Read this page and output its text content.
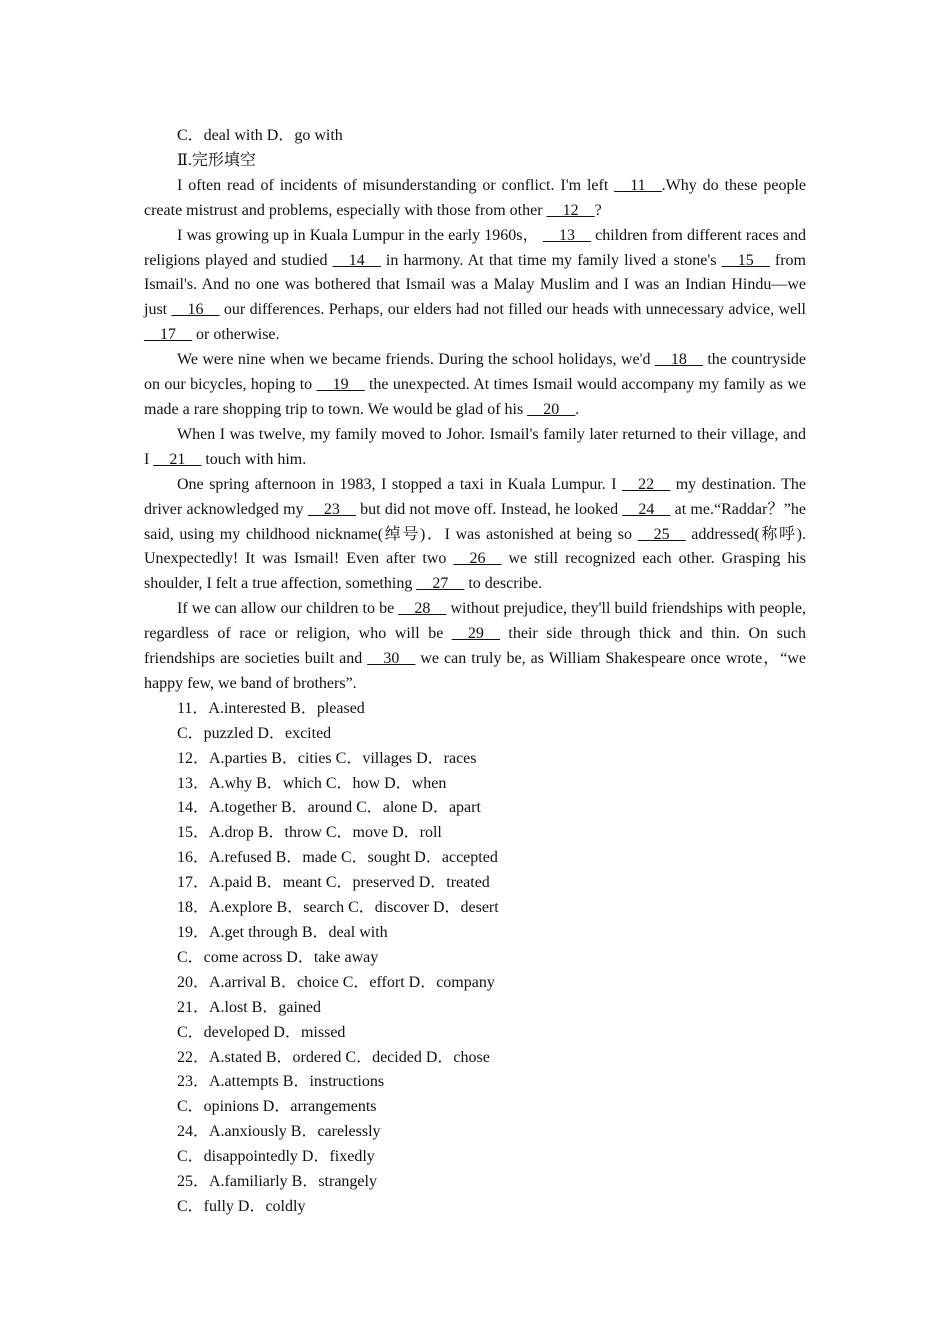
C．deal with D．go with
Ⅱ.完形填空

I often read of incidents of misunderstanding or conflict. I'm left __11__.Why do these people create mistrust and problems, especially with those from other __12__?

I was growing up in Kuala Lumpur in the early 1960s， __13__ children from different races and religions played and studied __14__ in harmony. At that time my family lived a stone's __15__ from Ismail's. And no one was bothered that Ismail was a Malay Muslim and I was an Indian Hindu—we just __16__ our differences. Perhaps, our elders had not filled our heads with unnecessary advice, well __17__ or otherwise.

We were nine when we became friends. During the school holidays, we'd __18__ the countryside on our bicycles, hoping to __19__ the unexpected. At times Ismail would accompany my family as we made a rare shopping trip to town. We would be glad of his __20__.

When I was twelve, my family moved to Johor. Ismail's family later returned to their village, and I __21__ touch with him.

One spring afternoon in 1983, I stopped a taxi in Kuala Lumpur. I __22__ my destination. The driver acknowledged my __23__ but did not move off. Instead, he looked __24__ at me.“Raddar？”he said, using my childhood nickname(绰号)．I was astonished at being so __25__ addressed(称呼). Unexpectedly! It was Ismail! Even after two __26__ we still recognized each other. Grasping his shoulder, I felt a true affection, something __27__ to describe.

If we can allow our children to be __28__ without prejudice, they'll build friendships with people, regardless of race or religion, who will be __29__ their side through thick and thin. On such friendships are societies built and __30__ we can truly be, as William Shakespeare once wrote，“we happy few, we band of brothers”.

11．A.interested B．pleased
C．puzzled D．excited
12．A.parties B．cities C．villages D．races
13．A.why B．which C．how D．when
14．A.together B．around C．alone D．apart
15．A.drop B．throw C．move D．roll
16．A.refused B．made C．sought D．accepted
17．A.paid B．meant C．preserved D．treated
18．A.explore B．search C．discover D．desert
19．A.get through B．deal with
C．come across D．take away
20．A.arrival B．choice C．effort D．company
21．A.lost B．gained
C．developed D．missed
22．A.stated B．ordered C．decided D．chose
23．A.attempts B．instructions
C．opinions D．arrangements
24．A.anxiously B．carelessly
C．disappointedly D．fixedly
25．A.familiarly B．strangely
C．fully D．coldly
